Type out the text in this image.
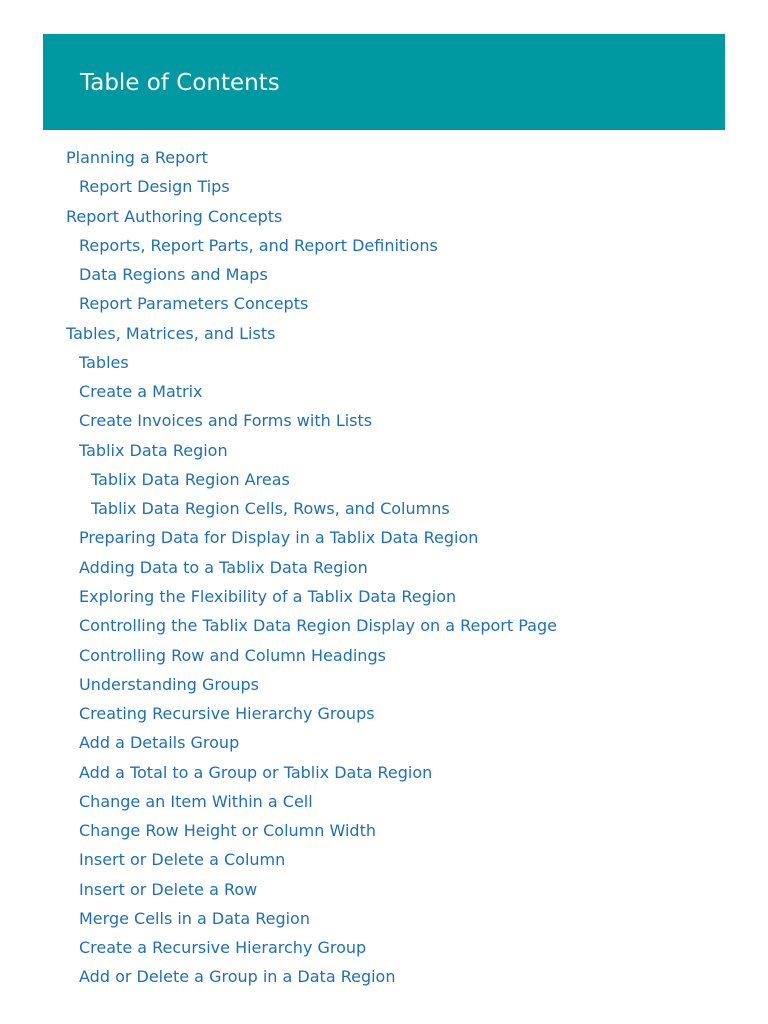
Table of Contents
Planning a Report
Report Design Tips
Report Authoring Concepts
Reports, Report Parts, and Report Definitions
Data Regions and Maps
Report Parameters Concepts
Tables, Matrices, and Lists
Tables
Create a Matrix
Create Invoices and Forms with Lists
Tablix Data Region
Tablix Data Region Areas
Tablix Data Region Cells, Rows, and Columns
Preparing Data for Display in a Tablix Data Region
Adding Data to a Tablix Data Region
Exploring the Flexibility of a Tablix Data Region
Controlling the Tablix Data Region Display on a Report Page
Controlling Row and Column Headings
Understanding Groups
Creating Recursive Hierarchy Groups
Add a Details Group
Add a Total to a Group or Tablix Data Region
Change an Item Within a Cell
Change Row Height or Column Width
Insert or Delete a Column
Insert or Delete a Row
Merge Cells in a Data Region
Create a Recursive Hierarchy Group
Add or Delete a Group in a Data Region
